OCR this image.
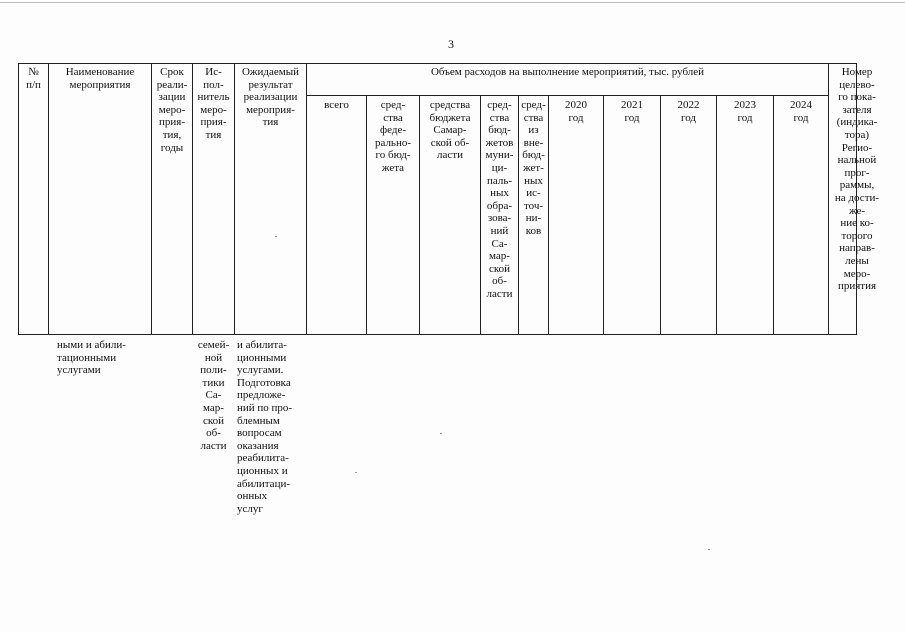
3
№
п/п
Наименование
мероприятия
Срок
реали-
зации
меро-
прия-
тия,
годы
Ис-
пол-
нитель
меро-
прия-
тия
Ожидаемый
результат
реализации
мероприя-
тия
Объем расходов на выполнение мероприятий, тыс. рублей	Номер
целево-
го пока-
зателя
(индика-
тора)
Регио-
нальной
прог-
раммы,
на дости-
же-
ние ко-
торого
направ-
лены
меро-
приятия
всего	сред-
ства
феде-
рально-
го бюд-
жета
средства
бюджета
Самар-
ской об-
ласти
сред-
ства
бюд-
жетов
муни-
ци-
паль-
ных
обра-
зова-
ний
Са-
мар-
ской
об-
ласти
сред-
ства
из
вне-
бюд-
жет-
ных
ис-
точ-
ни-
ков
2020
год
2021
год
2022
год
2023
год
2024
год
ными и абили-
тационными
услугами
семей-
ной
пoли-
тики
Са-
мар-
ской
об-
ласти
и абилита-
ционными
услугами.
Подготовка
предложе-
ний по про-
блемным
вопросам
оказания
реабилита-
ционных и
абилитаци-
онных
услуг
